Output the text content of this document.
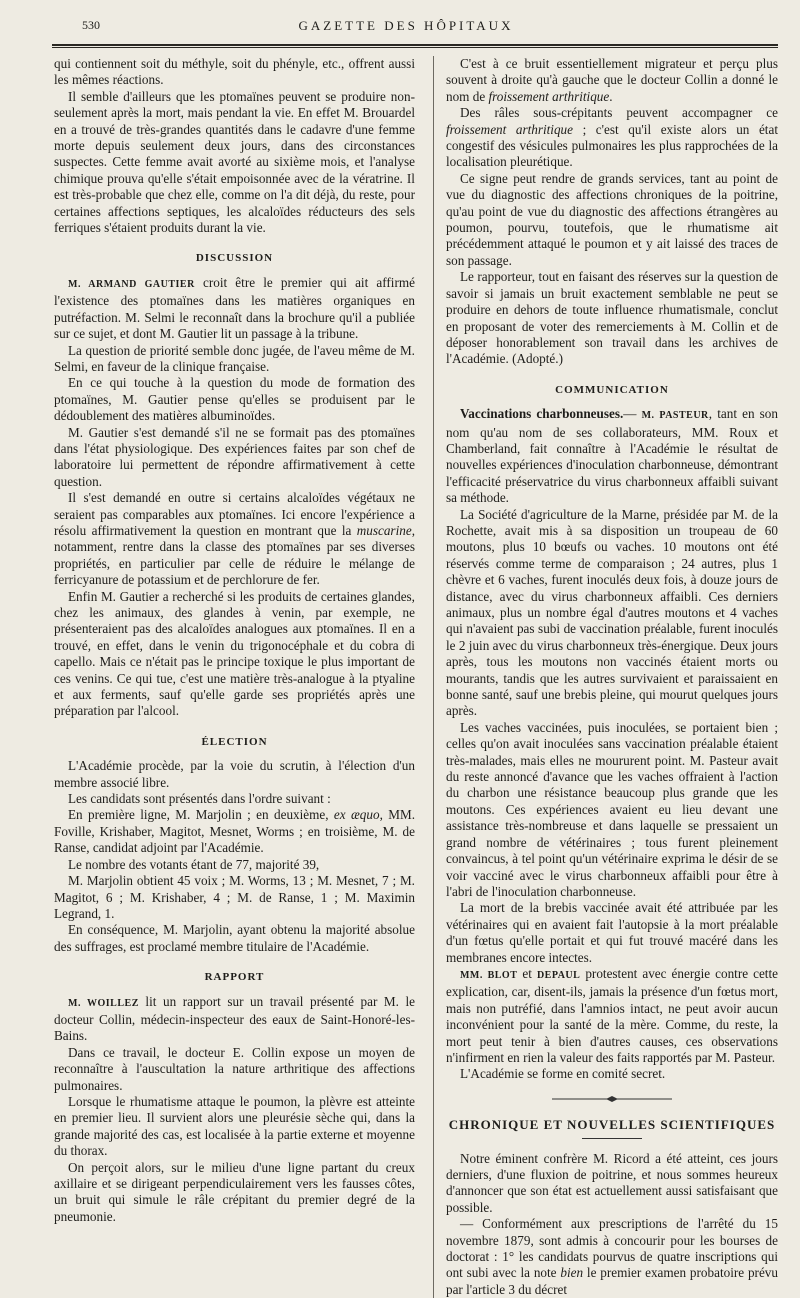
530	GAZETTE DES HÔPITAUX

qui contiennent soit du méthyle, soit du phényle, etc., offrent aussi les mêmes réactions.

Il semble d'ailleurs que les ptomaïnes peuvent se produire non-seulement après la mort, mais pendant la vie. En effet M. Brouardel en a trouvé de très-grandes quantités dans le cadavre d'une femme morte depuis seulement deux jours, dans des circonstances suspectes. Cette femme avait avorté au sixième mois, et l'analyse chimique prouva qu'elle s'était empoisonnée avec de la vératrine. Il est très-probable que chez elle, comme on l'a dit déjà, du reste, pour certaines affections septiques, les alcaloïdes réducteurs des sels ferriques s'étaient produits durant la vie.

DISCUSSION

M. ARMAND GAUTIER croit être le premier qui ait affirmé l'existence des ptomaïnes dans les matières organiques en putréfaction. M. Selmi le reconnaît dans la brochure qu'il a publiée sur ce sujet, et dont M. Gautier lit un passage à la tribune.

La question de priorité semble donc jugée, de l'aveu même de M. Selmi, en faveur de la clinique française.

En ce qui touche à la question du mode de formation des ptomaïnes, M. Gautier pense qu'elles se produisent par le dédoublement des matières albuminoïdes.

M. Gautier s'est demandé s'il ne se formait pas des ptomaïnes dans l'état physiologique. Des expériences faites par son chef de laboratoire lui permettent de répondre affirmativement à cette question.

Il s'est demandé en outre si certains alcaloïdes végétaux ne seraient pas comparables aux ptomaïnes. Ici encore l'expérience a résolu affirmativement la question en montrant que la muscarine, notamment, rentre dans la classe des ptomaïnes par ses diverses propriétés, en particulier par celle de réduire le mélange de ferricyanure de potassium et de perchlorure de fer.

Enfin M. Gautier a recherché si les produits de certaines glandes, chez les animaux, des glandes à venin, par exemple, ne présenteraient pas des alcaloïdes analogues aux ptomaïnes. Il en a trouvé, en effet, dans le venin du trigonocéphale et du cobra di capello. Mais ce n'était pas le principe toxique le plus important de ces venins. Ce qui tue, c'est une matière très-analogue à la ptyaline et aux ferments, sauf qu'elle garde ses propriétés après une préparation par l'alcool.

ÉLECTION

L'Académie procède, par la voie du scrutin, à l'élection d'un membre associé libre.

Les candidats sont présentés dans l'ordre suivant :

En première ligne, M. Marjolin ; en deuxième, ex æquo, MM. Foville, Krishaber, Magitot, Mesnet, Worms ; en troisième, M. de Ranse, candidat adjoint par l'Académie.

Le nombre des votants étant de 77, majorité 39,

M. Marjolin obtient 45 voix ; M. Worms, 13 ; M. Mesnet, 7 ; M. Magitot, 6 ; M. Krishaber, 4 ; M. de Ranse, 1 ; M. Maximin Legrand, 1.

En conséquence, M. Marjolin, ayant obtenu la majorité absolue des suffrages, est proclamé membre titulaire de l'Académie.

RAPPORT

M. WOILLEZ lit un rapport sur un travail présenté par M. le docteur Collin, médecin-inspecteur des eaux de Saint-Honoré-les-Bains.

Dans ce travail, le docteur E. Collin expose un moyen de reconnaître à l'auscultation la nature arthritique des affections pulmonaires.

Lorsque le rhumatisme attaque le poumon, la plèvre est atteinte en premier lieu. Il survient alors une pleurésie sèche qui, dans la grande majorité des cas, est localisée à la partie externe et moyenne du thorax.

On perçoit alors, sur le milieu d'une ligne partant du creux axillaire et se dirigeant perpendiculairement vers les fausses côtes, un bruit qui simule le râle crépitant du premier degré de la pneumonie.

C'est à ce bruit essentiellement migrateur et perçu plus souvent à droite qu'à gauche que le docteur Collin a donné le nom de froissement arthritique.

Des râles sous-crépitants peuvent accompagner ce froissement arthritique ; c'est qu'il existe alors un état congestif des vésicules pulmonaires les plus rapprochées de la localisation pleurétique.

Ce signe peut rendre de grands services, tant au point de vue du diagnostic des affections chroniques de la poitrine, qu'au point de vue du diagnostic des affections étrangères au poumon, pourvu, toutefois, que le rhumatisme ait précédemment attaqué le poumon et y ait laissé des traces de son passage.

Le rapporteur, tout en faisant des réserves sur la question de savoir si jamais un bruit exactement semblable ne peut se produire en dehors de toute influence rhumatismale, conclut en proposant de voter des remerciements à M. Collin et de déposer honorablement son travail dans les archives de l'Académie. (Adopté.)

COMMUNICATION

Vaccinations charbonneuses.— M. PASTEUR, tant en son nom qu'au nom de ses collaborateurs, MM. Roux et Chamberland, fait connaître à l'Académie le résultat de nouvelles expériences d'inoculation charbonneuse, démontrant l'efficacité préservatrice du virus charbonneux affaibli suivant sa méthode.

La Société d'agriculture de la Marne, présidée par M. de la Rochette, avait mis à sa disposition un troupeau de 60 moutons, plus 10 bœufs ou vaches. 10 moutons ont été réservés comme terme de comparaison ; 24 autres, plus 1 chèvre et 6 vaches, furent inoculés deux fois, à douze jours de distance, avec du virus charbonneux affaibli. Ces derniers animaux, plus un nombre égal d'autres moutons et 4 vaches qui n'avaient pas subi de vaccination préalable, furent inoculés le 2 juin avec du virus charbonneux très-énergique. Deux jours après, tous les moutons non vaccinés étaient morts ou mourants, tandis que les autres survivaient et paraissaient en bonne santé, sauf une brebis pleine, qui mourut quelques jours après.

Les vaches vaccinées, puis inoculées, se portaient bien ; celles qu'on avait inoculées sans vaccination préalable étaient très-malades, mais elles ne moururent point. M. Pasteur avait du reste annoncé d'avance que les vaches offraient à l'action du charbon une résistance beaucoup plus grande que les moutons. Ces expériences avaient eu lieu devant une assistance très-nombreuse et dans laquelle se pressaient un grand nombre de vétérinaires ; tous furent pleinement convaincus, à tel point qu'un vétérinaire exprima le désir de se voir vacciné avec le virus charbonneux affaibli pour être à l'abri de l'inoculation charbonneuse.

La mort de la brebis vaccinée avait été attribuée par les vétérinaires qui en avaient fait l'autopsie à la mort préalable d'un fœtus qu'elle portait et qui fut trouvé macéré dans les membranes encore intectes.

MM. BLOT et DEPAUL protestent avec énergie contre cette explication, car, disent-ils, jamais la présence d'un fœtus mort, mais non putréfié, dans l'amnios intact, ne peut avoir aucun inconvénient pour la santé de la mère. Comme, du reste, la mort peut tenir à bien d'autres causes, ces observations n'infirment en rien la valeur des faits rapportés par M. Pasteur.

L'Académie se forme en comité secret.

CHRONIQUE ET NOUVELLES SCIENTIFIQUES

Notre éminent confrère M. Ricord a été atteint, ces jours derniers, d'une fluxion de poitrine, et nous sommes heureux d'annoncer que son état est actuellement aussi satisfaisant que possible.

— Conformément aux prescriptions de l'arrêté du 15 novembre 1879, sont admis à concourir pour les bourses de doctorat : 1° les candidats pourvus de quatre inscriptions qui ont subi avec la note bien le premier examen probatoire prévu par l'article 3 du décret
